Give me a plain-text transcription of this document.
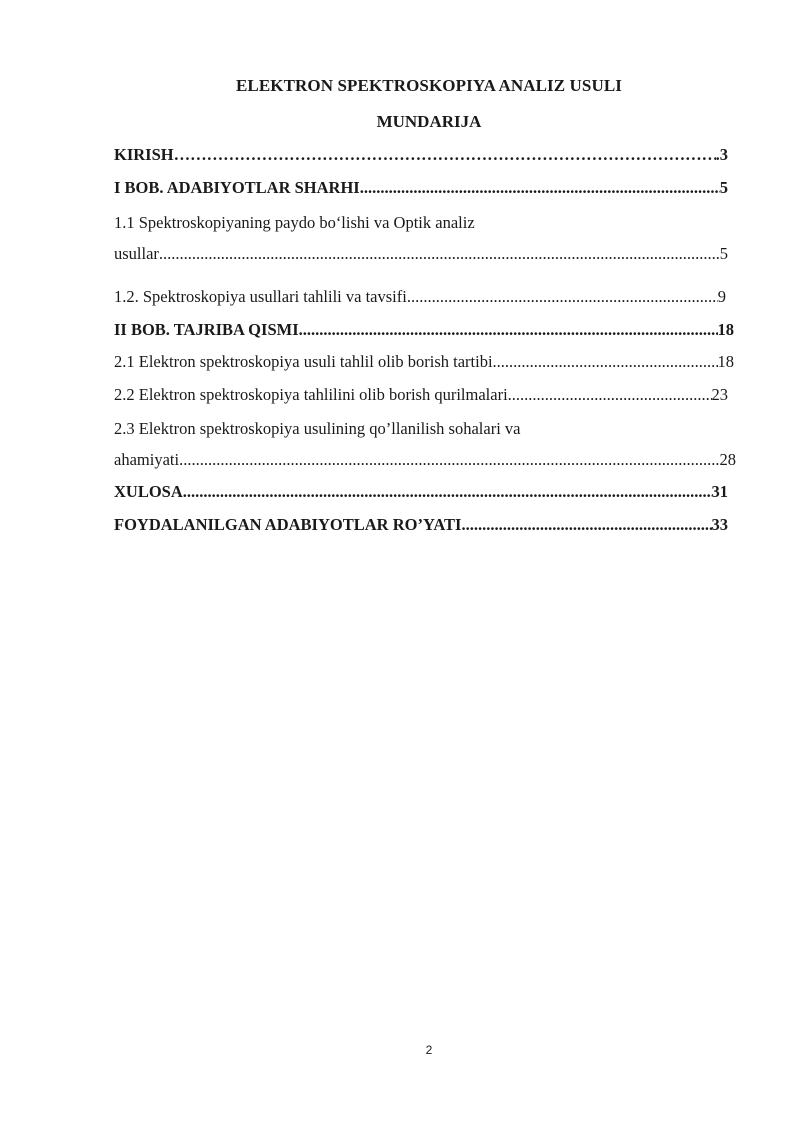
ELEKTRON SPEKTROSKOPIYA ANALIZ USULI
MUNDARIJA
KIRISH …………………………………………………………………………………………………………………………………………	.3
I BOB. ADABIYOTLAR SHARHI .....	5
1.1 Spektroskopiyaning paydo bo‘lishi va Optik analiz
usullar .....	5
1.2. Spektroskopiya usullari tahlili va tavsifi .....	9
II BOB. TAJRIBA QISMI .....	18
2.1 Elektron spektroskopiya usuli tahlil olib borish tartibi .....	18
2.2 Elektron spektroskopiya tahlilini olib borish qurilmalari .....	23
2.3 Elektron spektroskopiya usulining qo’llanilish sohalari va
ahamiyati .....	28
XULOSA .....	31
FOYDALANILGAN ADABIYOTLAR RO’YATI .....	33
2
